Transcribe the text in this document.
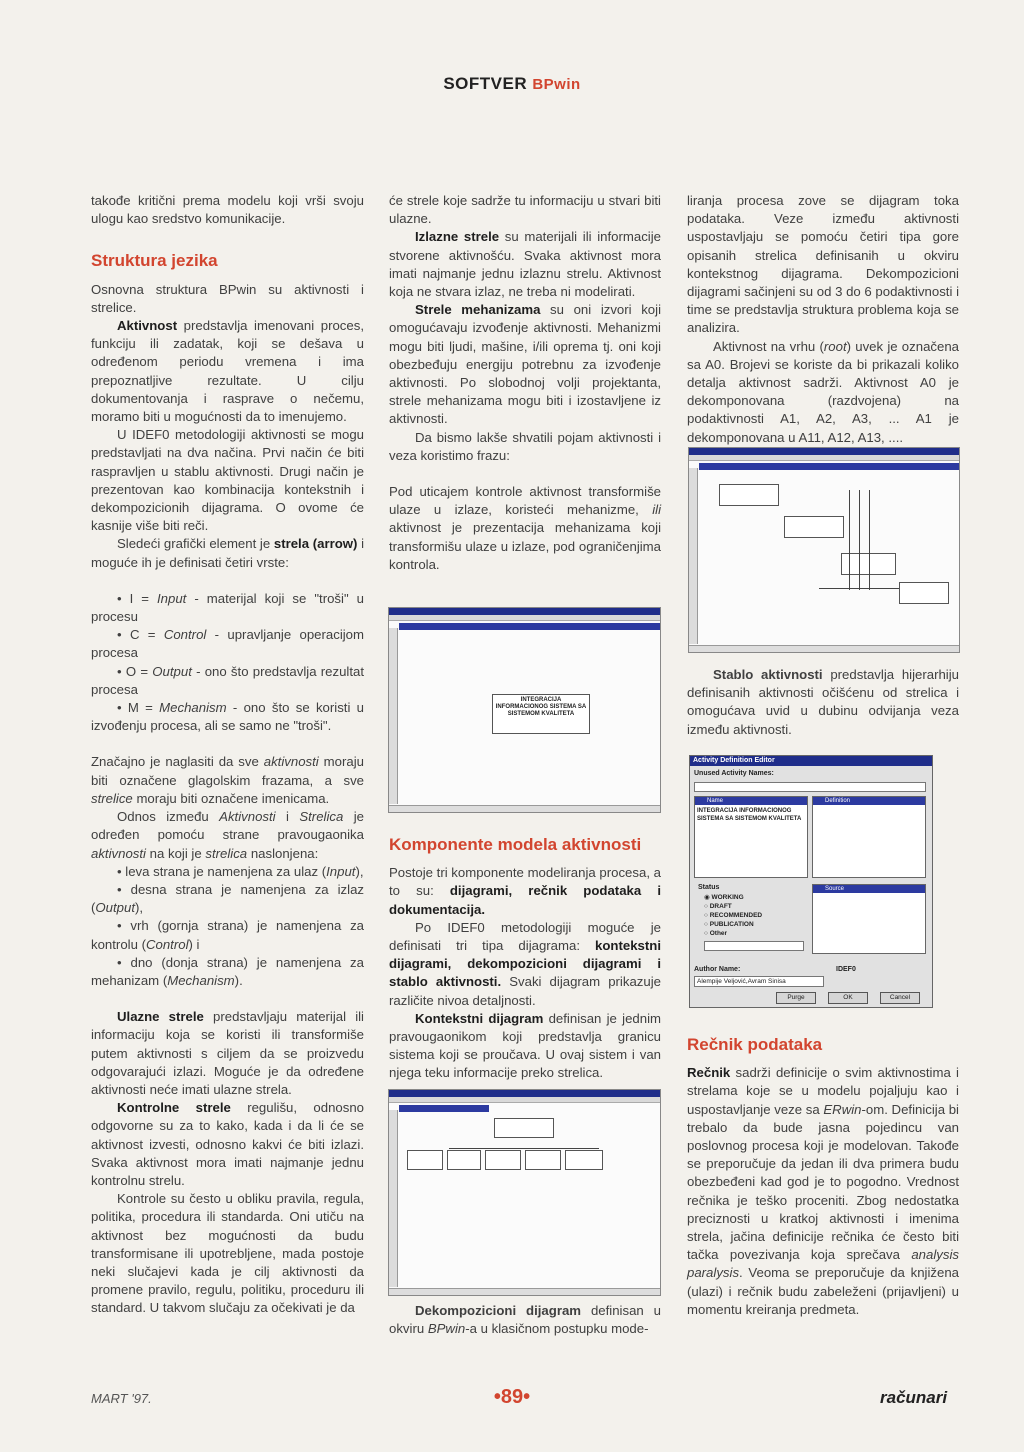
SOFTVER BPwin

takođe kritični prema modelu koji vrši svoju ulogu kao sredstvo komunikacije.

Struktura jezika

Osnovna struktura BPwin su aktivnosti i strelice.

Aktivnost predstavlja imenovani proces, funkciju ili zadatak, koji se dešava u određenom periodu vremena i ima prepoznatljive rezultate. U cilju dokumentovanja i rasprave o nečemu, moramo biti u mogućnosti da to imenujemo.

U IDEF0 metodologiji aktivnosti se mogu predstavljati na dva načina. Prvi način će biti raspravljen u stablu aktivnosti. Drugi način je prezentovan kao kombinacija kontekstnih i dekompozicionih dijagrama. O ovome će kasnije više biti reči.

Sledeći grafički element je strela (arrow) i moguće ih je definisati četiri vrste:

• I = Input - materijal koji se "troši" u procesu

• C = Control - upravljanje operacijom procesa

• O = Output - ono što predstavlja rezultat procesa

• M = Mechanism - ono što se koristi u izvođenju procesa, ali se samo ne "troši".

Značajno je naglasiti da sve aktivnosti moraju biti označene glagolskim frazama, a sve strelice moraju biti označene imenicama.

Odnos između Aktivnosti i Strelica je određen pomoću strane pravougaonika aktivnosti na koji je strelica naslonjena:

• leva strana je namenjena za ulaz (Input),

• desna strana je namenjena za izlaz (Output),

• vrh (gornja strana) je namenjena za kontrolu (Control) i

• dno (donja strana) je namenjena za mehanizam (Mechanism).

Ulazne strele predstavljaju materijal ili informaciju koja se koristi ili transformiše putem aktivnosti s ciljem da se proizvedu odgovarajući izlazi. Moguće je da određene aktivnosti neće imati ulazne strela.

Kontrolne strele regulišu, odnosno odgovorne su za to kako, kada i da li će se aktivnost izvesti, odnosno kakvi će biti izlazi. Svaka aktivnost mora imati najmanje jednu kontrolnu strelu.

Kontrole su često u obliku pravila, regula, politika, procedura ili standarda. Oni utiču na aktivnost bez mogućnosti da budu transformisane ili upotrebljene, mada postoje neki slučajevi kada je cilj aktivnosti da promene pravilo, regulu, politiku, proceduru ili standard. U takvom slučaju za očekivati je da

će strele koje sadrže tu informaciju u stvari biti ulazne.

Izlazne strele su materijali ili informacije stvorene aktivnošću. Svaka aktivnost mora imati najmanje jednu izlaznu strelu. Aktivnost koja ne stvara izlaz, ne treba ni modelirati.

Strele mehanizama su oni izvori koji omogućavaju izvođenje aktivnosti. Mehanizmi mogu biti ljudi, mašine, i/ili oprema tj. oni koji obezbeđuju energiju potrebnu za izvođenje aktivnosti. Po slobodnoj volji projektanta, strele mehanizama mogu biti i izostavljene iz aktivnosti.

Da bismo lakše shvatili pojam aktivnosti i veza koristimo frazu:

Pod uticajem kontrole aktivnost transformiše ulaze u izlaze, koristeći mehanizme, ili aktivnost je prezentacija mehanizama koji transformišu ulaze u izlaze, pod ograničenjima kontrola.

INTEGRACIJA INFORMACIONOG SISTEMA SA SISTEMOM KVALITETA
Komponente modela aktivnosti

Postoje tri komponente modeliranja procesa, a to su: dijagrami, rečnik podataka i dokumentacija.

Po IDEF0 metodologiji moguće je definisati tri tipa dijagrama: kontekstni dijagrami, dekompozicioni dijagrami i stablo aktivnosti. Svaki dijagram prikazuje različite nivoa detaljnosti.

Kontekstni dijagram definisan je jednim pravougaonikom koji predstavlja granicu sistema koji se proučava. U ovaj sistem i van njega teku informacije preko strelica.

Dekompozicioni dijagram definisan u okviru BPwin-a u klasičnom postupku mode-

liranja procesa zove se dijagram toka podataka. Veze između aktivnosti uspostavljaju se pomoću četiri tipa gore opisanih strelica definisanih u okviru kontekstnog dijagrama. Dekompozicioni dijagrami sačinjeni su od 3 do 6 podaktivnosti i time se predstavlja struktura problema koja se analizira.

Aktivnost na vrhu (root) uvek je označena sa A0. Brojevi se koriste da bi prikazali koliko detalja aktivnost sadrži. Aktivnost A0 je dekomponovana (razdvojena) na podaktivnosti A1, A2, A3, ... A1 je dekomponovana u A11, A12, A13, ....

Stablo aktivnosti predstavlja hijerarhiju definisanih aktivnosti očišćenu od strelica i omogućava uvid u dubinu odvijanja veza između aktivnosti.
Activity Definition Editor
Unused Activity Names:
Name
INTEGRACIJA INFORMACIONOG SISTEMA SA SISTEMOM KVALITETA
Definition
Status
◉ WORKING
○ DRAFT
○ RECOMMENDED
○ PUBLICATION
○ Other
Source
Author Name:	IDEF0
Alempije Veljović,Avram Sinisa
Purge	OK	Cancel
Rečnik podataka

Rečnik sadrži definicije o svim aktivnostima i strelama koje se u modelu pojaljuju kao i uspostavljanje veze sa ERwin-om. Definicija bi trebalo da bude jasna pojedincu van poslovnog procesa koji je modelovan. Takođe se preporučuje da jedan ili dva primera budu obezbeđeni kad god je to pogodno. Vrednost rečnika je teško proceniti. Zbog nedostatka preciznosti u kratkoj aktivnosti i imenima strela, jačina definicije rečnika će često biti tačka povezivanja koja sprečava analysis paralysis. Veoma se preporučuje da knjižena (ulazi) i rečnik budu zabeleženi (prijavljeni) u momentu kreiranja predmeta.

MART '97.	•89•	računari
